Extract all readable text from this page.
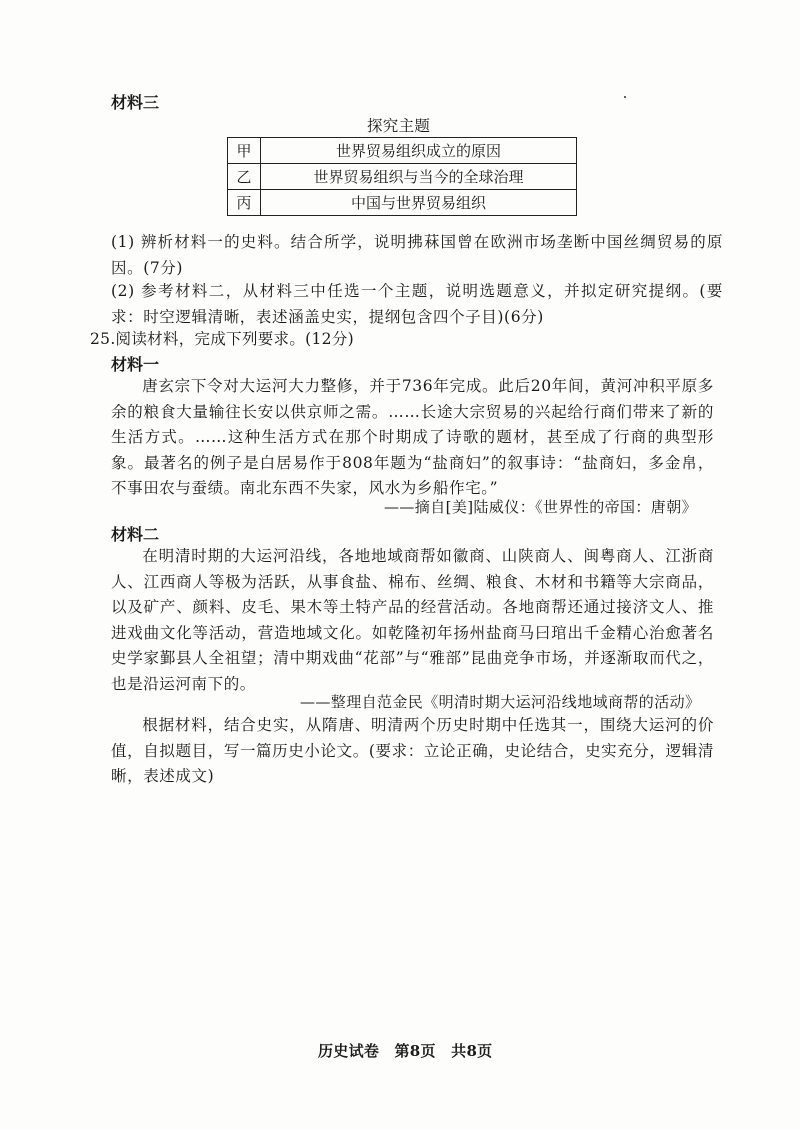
材料三
探究主题
甲	世界贸易组织成立的原因
乙	世界贸易组织与当今的全球治理
丙	中国与世界贸易组织
(1) 辨析材料一的史料。结合所学，说明拂菻国曾在欧洲市场垄断中国丝绸贸易的原因。(7分)
(2) 参考材料二，从材料三中任选一个主题，说明选题意义，并拟定研究提纲。(要求：时空逻辑清晰，表述涵盖史实，提纲包含四个子目)(6分)
25.阅读材料，完成下列要求。(12分)
材料一
唐玄宗下令对大运河大力整修，并于736年完成。此后20年间，黄河冲积平原多余的粮食大量输往长安以供京师之需。……长途大宗贸易的兴起给行商们带来了新的生活方式。……这种生活方式在那个时期成了诗歌的题材，甚至成了行商的典型形象。最著名的例子是白居易作于808年题为“盐商妇”的叙事诗：“盐商妇，多金帛，不事田农与蚕绩。南北东西不失家，风水为乡船作宅。”
——摘自[美]陆威仪：《世界性的帝国：唐朝》
材料二
在明清时期的大运河沿线，各地地域商帮如徽商、山陕商人、闽粤商人、江浙商人、江西商人等极为活跃，从事食盐、棉布、丝绸、粮食、木材和书籍等大宗商品，以及矿产、颜料、皮毛、果木等土特产品的经营活动。各地商帮还通过接济文人、推进戏曲文化等活动，营造地域文化。如乾隆初年扬州盐商马曰琯出千金精心治愈著名史学家鄞县人全祖望；清中期戏曲“花部”与“雅部”昆曲竞争市场，并逐渐取而代之，也是沿运河南下的。
——整理自范金民《明清时期大运河沿线地域商帮的活动》
根据材料，结合史实，从隋唐、明清两个历史时期中任选其一，围绕大运河的价值，自拟题目，写一篇历史小论文。(要求：立论正确，史论结合，史实充分，逻辑清晰，表述成文)
历史试卷　第8页　共8页
